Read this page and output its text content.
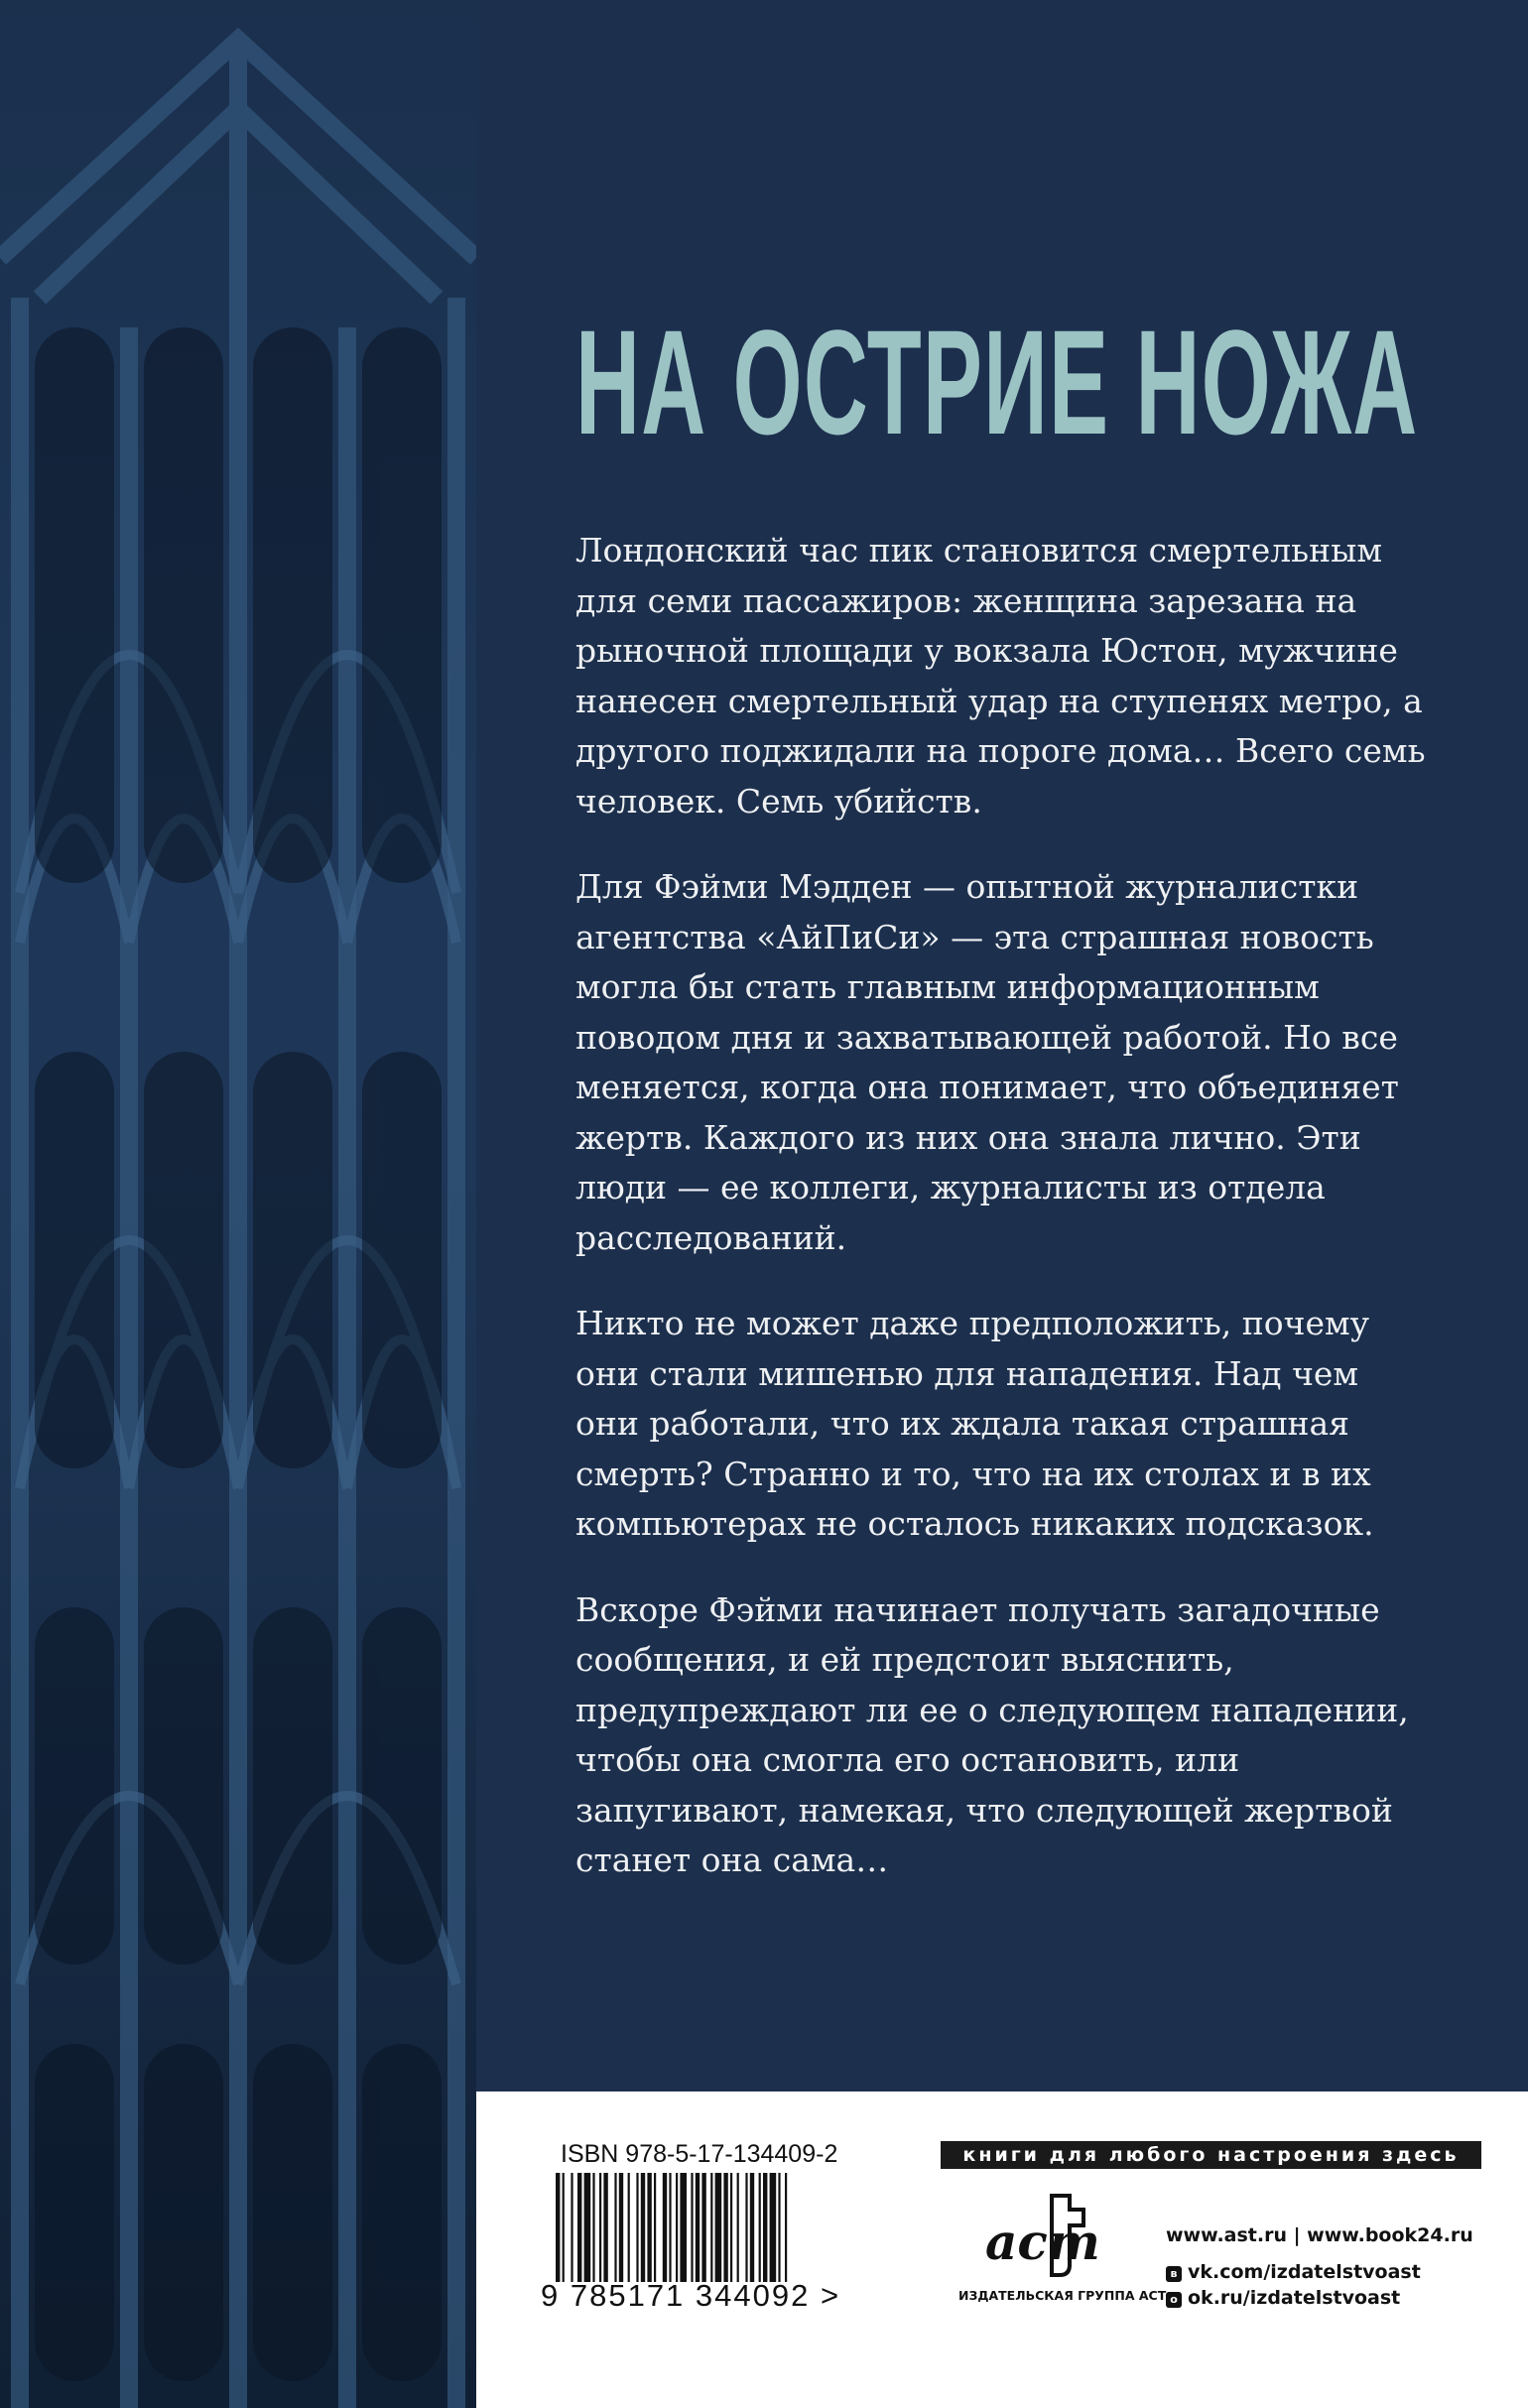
НА ОСТРИЕ НОЖА

Лондонский час пик становится смертельным для семи пассажиров: женщина зарезана на рыночной площади у вокзала Юстон, мужчине нанесен смертельный удар на ступенях метро, а другого поджидали на пороге дома… Всего семь человек. Семь убийств.

Для Фэйми Мэдден — опытной журналистки агентства «АйПиСи» — эта страшная новость могла бы стать главным информационным поводом дня и захватывающей работой. Но все меняется, когда она понимает, что объединяет жертв. Каждого из них она знала лично. Эти люди — ее коллеги, журналисты из отдела расследований.

Никто не может даже предположить, почему они стали мишенью для нападения. Над чем они работали, что их ждала такая страшная смерть? Странно и то, что на их столах и в их компьютерах не осталось никаких подсказок.

Вскоре Фэйми начинает получать загадочные сообщения, и ей предстоит выяснить, предупреждают ли ее о следующем нападении, чтобы она смогла его остановить, или запугивают, намекая, что следующей жертвой станет она сама…

ISBN 978-5-17-134409-2
9 785171 344092 >
книги для любого настроения здесь
аст
ИЗДАТЕЛЬСКАЯ ГРУППА АСТ
www.ast.ru | www.book24.ru
в vk.com/izdatelstvoast
о ok.ru/izdatelstvoast
